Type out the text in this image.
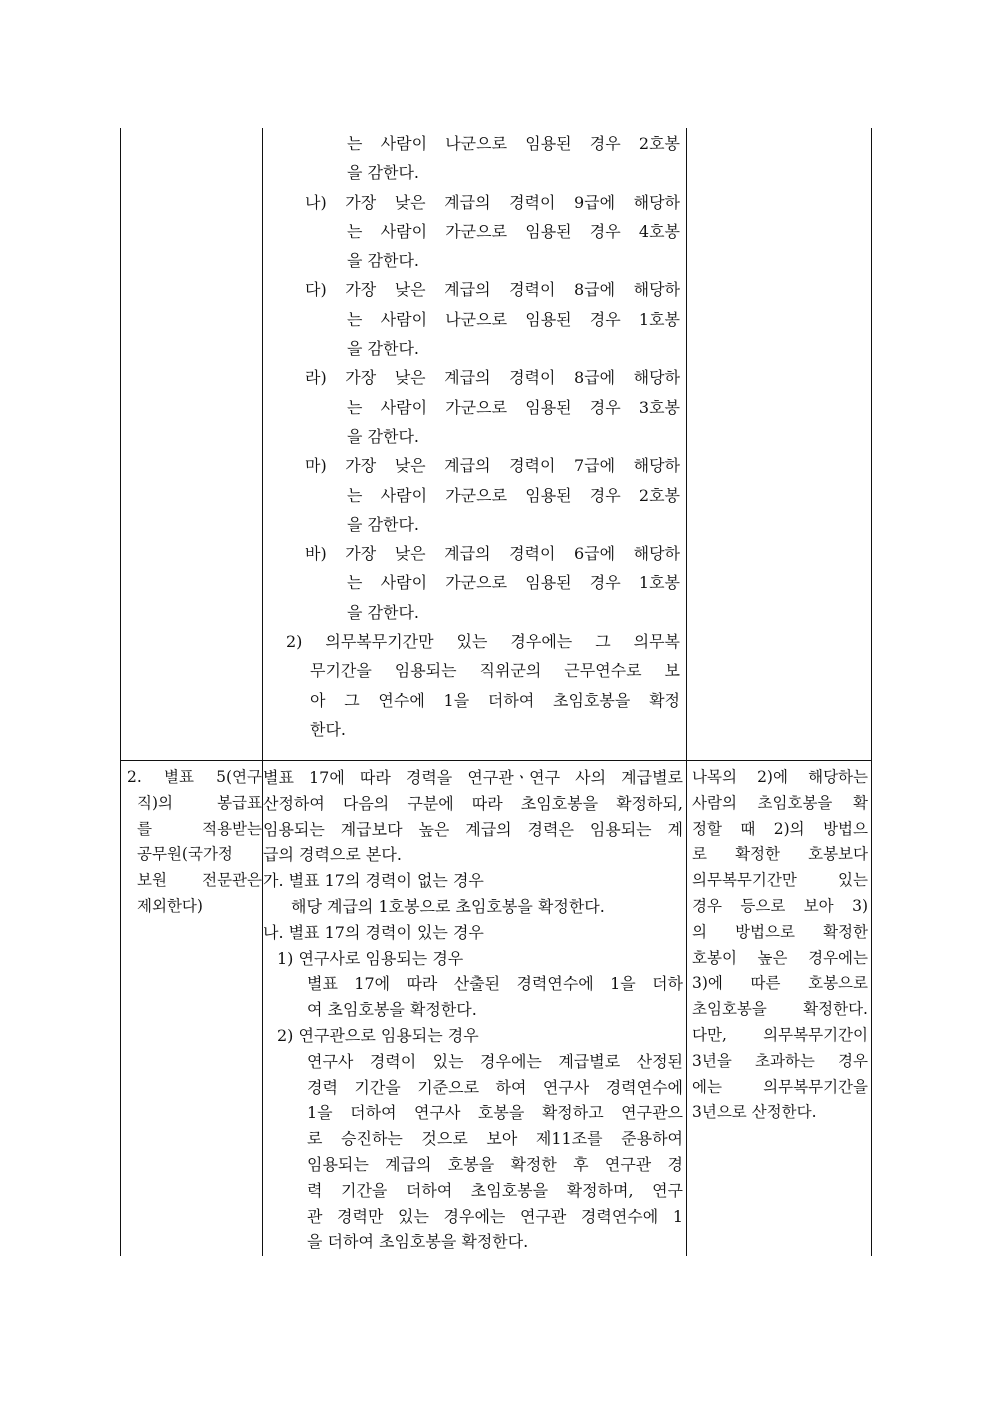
는 사람이 나군으로 임용된 경우 2호봉
을 감한다.
나) 가장 낮은 계급의 경력이 9급에 해당하
는 사람이 가군으로 임용된 경우 4호봉
을 감한다.
다) 가장 낮은 계급의 경력이 8급에 해당하
는 사람이 나군으로 임용된 경우 1호봉
을 감한다.
라) 가장 낮은 계급의 경력이 8급에 해당하
는 사람이 가군으로 임용된 경우 3호봉
을 감한다.
마) 가장 낮은 계급의 경력이 7급에 해당하
는 사람이 가군으로 임용된 경우 2호봉
을 감한다.
바) 가장 낮은 계급의 경력이 6급에 해당하
는 사람이 가군으로 임용된 경우 1호봉
을 감한다.
2) 의무복무기간만 있는 경우에는 그 의무복
무기간을 임용되는 직위군의 근무연수로 보
아 그 연수에 1을 더하여 초임호봉을 확정
한다.
2. 별표 5(연구
직)의 봉급표
를 적용받는
공무원(국가정
보원 전문관은
제외한다)
별표 17에 따라 경력을 연구관ㆍ연구 사의 계급별로
산정하여 다음의 구분에 따라 초임호봉을 확정하되,
임용되는 계급보다 높은 계급의 경력은 임용되는 계
급의 경력으로 본다.
가. 별표 17의 경력이 없는 경우
해당 계급의 1호봉으로 초임호봉을 확정한다.
나. 별표 17의 경력이 있는 경우
1) 연구사로 임용되는 경우
별표 17에 따라 산출된 경력연수에 1을 더하
여 초임호봉을 확정한다.
2) 연구관으로 임용되는 경우
연구사 경력이 있는 경우에는 계급별로 산정된
경력 기간을 기준으로 하여 연구사 경력연수에
1을 더하여 연구사 호봉을 확정하고 연구관으
로 승진하는 것으로 보아 제11조를 준용하여
임용되는 계급의 호봉을 확정한 후 연구관 경
력 기간을 더하여 초임호봉을 확정하며, 연구
관 경력만 있는 경우에는 연구관 경력연수에 1
을 더하여 초임호봉을 확정한다.
나목의 2)에 해당하는
사람의 초임호봉을 확
정할 때 2)의 방법으
로 확정한 호봉보다
의무복무기간만 있는
경우 등으로 보아 3)
의 방법으로 확정한
호봉이 높은 경우에는
3)에 따른 호봉으로
초임호봉을 확정한다.
다만, 의무복무기간이
3년을 초과하는 경우
에는 의무복무기간을
3년으로 산정한다.
